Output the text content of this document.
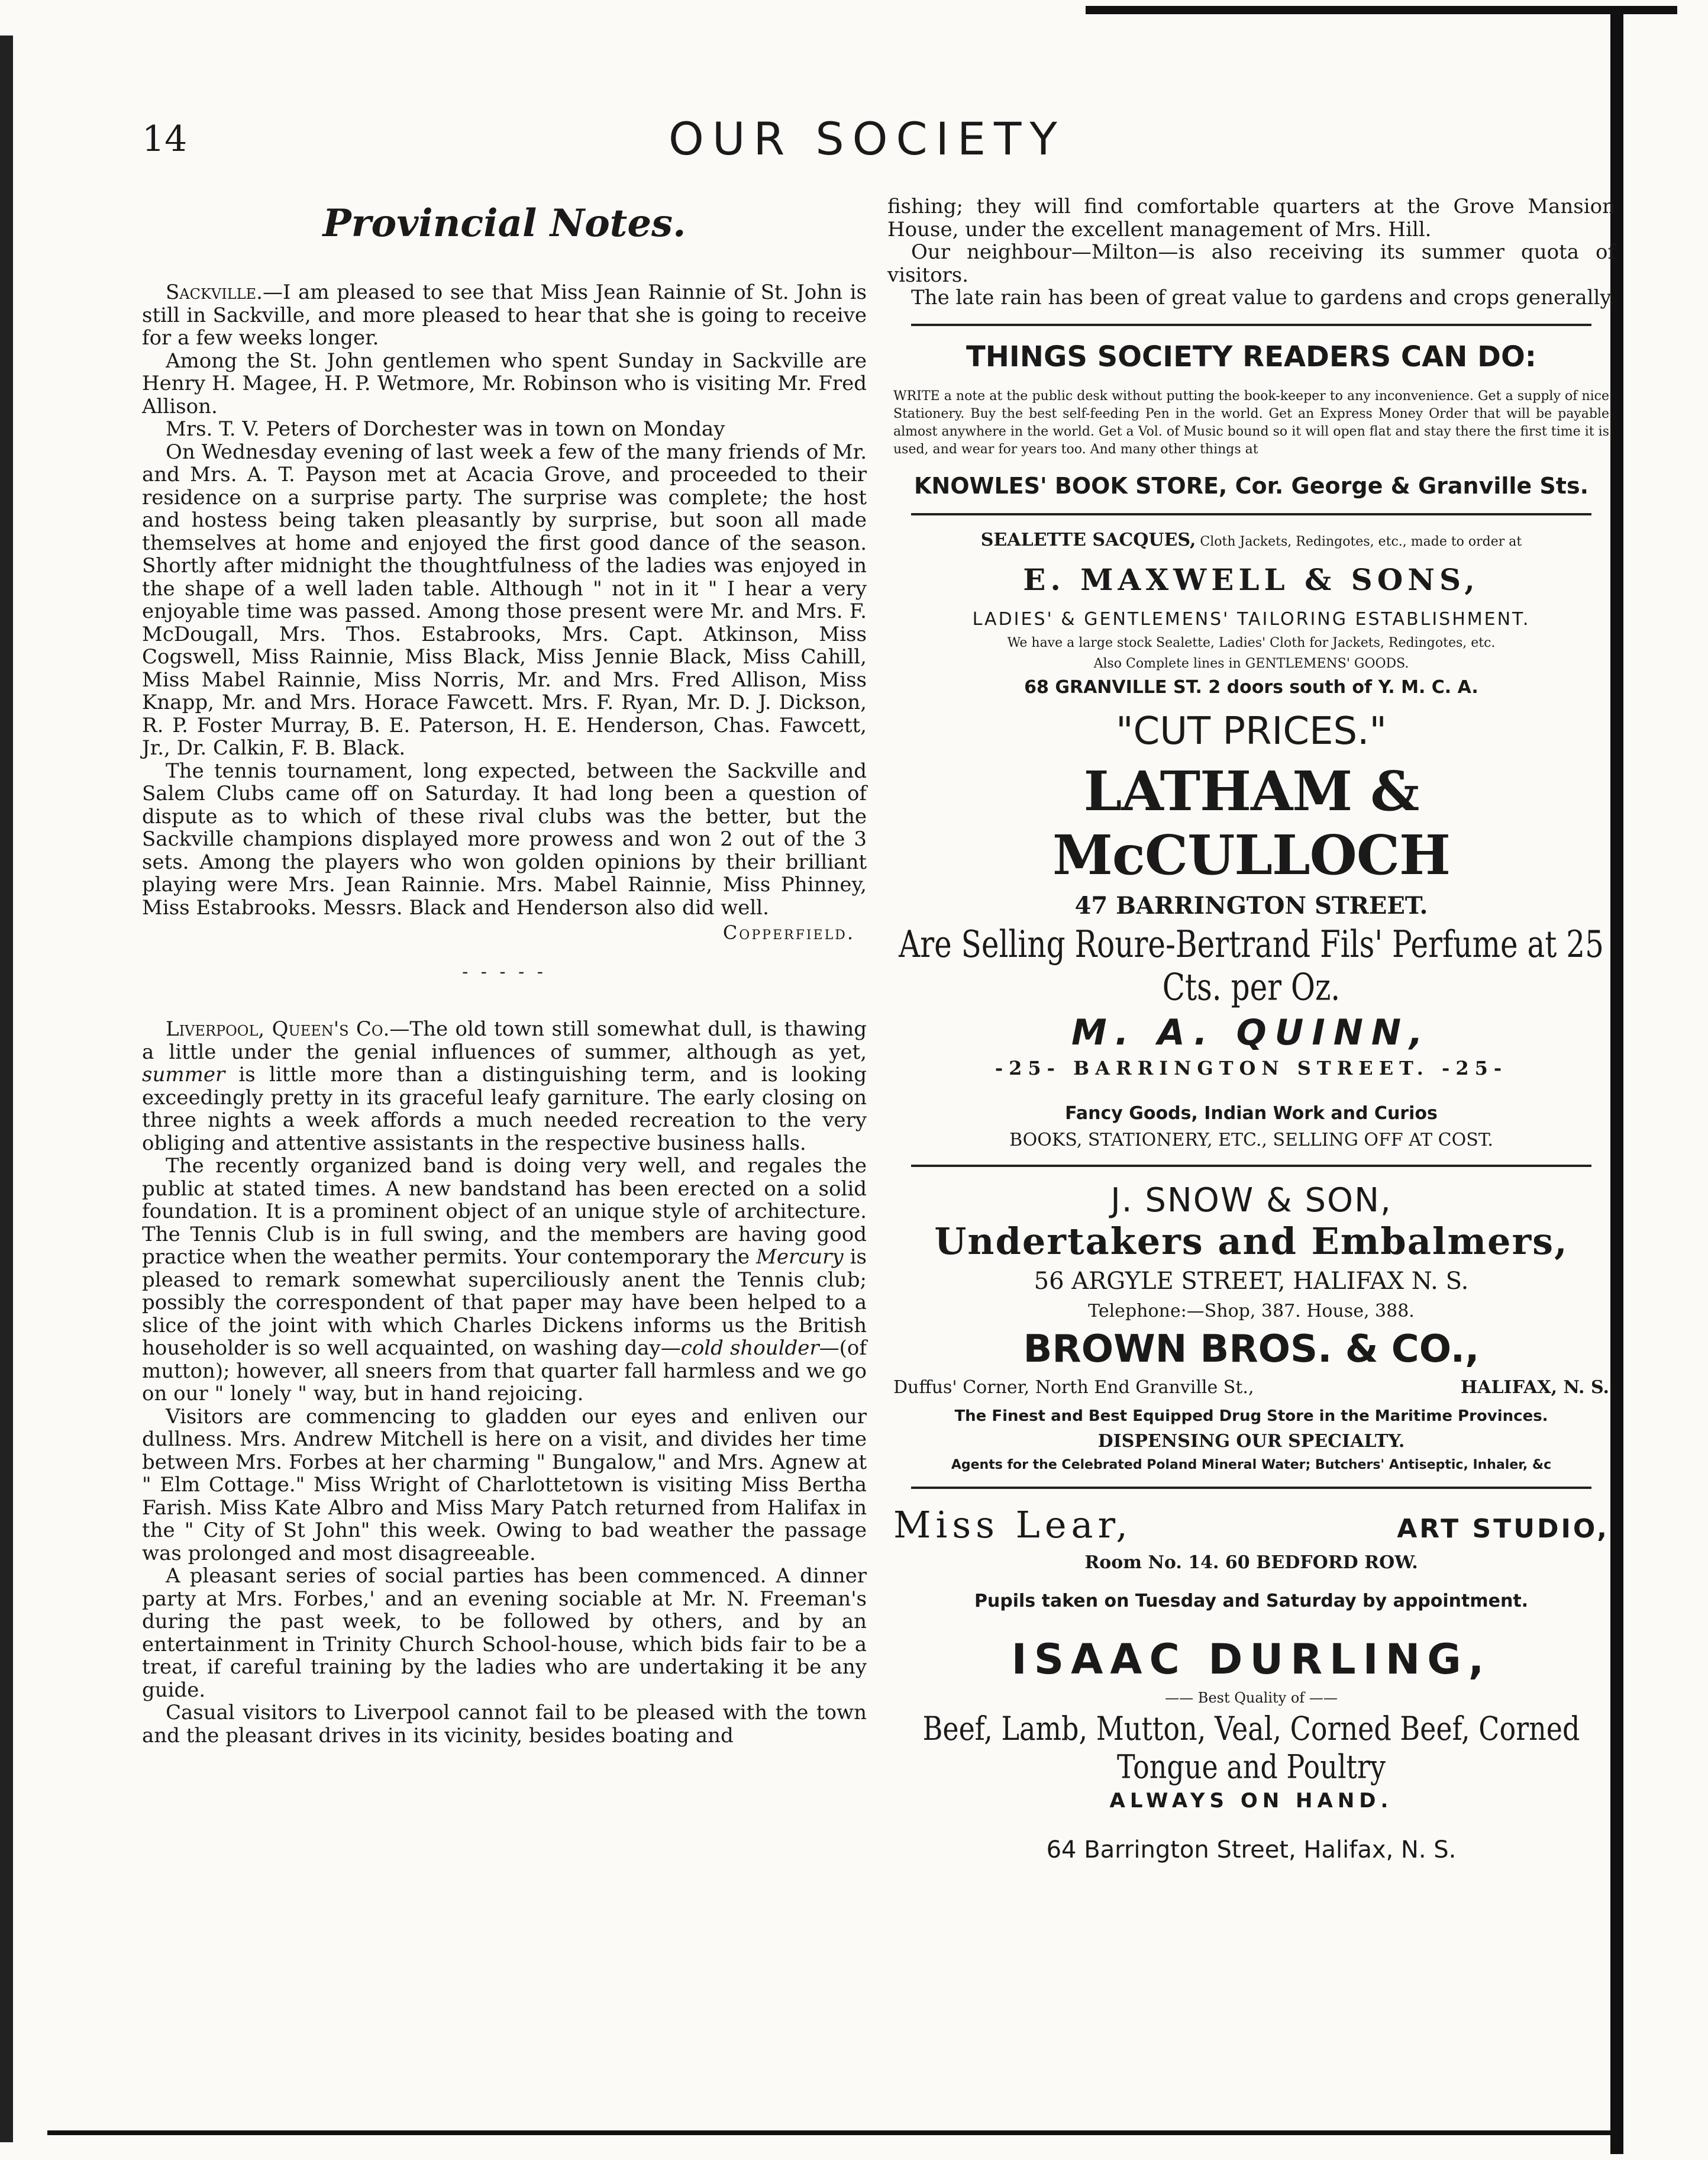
14	OUR SOCIETY
Provincial Notes.

Sackville.—I am pleased to see that Miss Jean Rainnie of St. John is still in Sackville, and more pleased to hear that she is going to receive for a few weeks longer.

Among the St. John gentlemen who spent Sunday in Sackville are Henry H. Magee, H. P. Wetmore, Mr. Robinson who is visiting Mr. Fred Allison.

Mrs. T. V. Peters of Dorchester was in town on Monday

On Wednesday evening of last week a few of the many friends of Mr. and Mrs. A. T. Payson met at Acacia Grove, and proceeded to their residence on a surprise party. The surprise was complete; the host and hostess being taken pleasantly by surprise, but soon all made themselves at home and enjoyed the first good dance of the season. Shortly after midnight the thoughtfulness of the ladies was enjoyed in the shape of a well laden table. Although " not in it " I hear a very enjoyable time was passed. Among those present were Mr. and Mrs. F. McDougall, Mrs. Thos. Estabrooks, Mrs. Capt. Atkinson, Miss Cogswell, Miss Rainnie, Miss Black, Miss Jennie Black, Miss Cahill, Miss Mabel Rainnie, Miss Norris, Mr. and Mrs. Fred Allison, Miss Knapp, Mr. and Mrs. Horace Fawcett. Mrs. F. Ryan, Mr. D. J. Dickson, R. P. Foster Murray, B. E. Paterson, H. E. Henderson, Chas. Fawcett, Jr., Dr. Calkin, F. B. Black.

The tennis tournament, long expected, between the Sackville and Salem Clubs came off on Saturday. It had long been a question of dispute as to which of these rival clubs was the better, but the Sackville champions displayed more prowess and won 2 out of the 3 sets. Among the players who won golden opinions by their brilliant playing were Mrs. Jean Rainnie. Mrs. Mabel Rainnie, Miss Phinney, Miss Estabrooks. Messrs. Black and Henderson also did well.

Copperfield.
- - - - -

Liverpool, Queen's Co.—The old town still somewhat dull, is thawing a little under the genial influences of summer, although as yet, summer is little more than a distinguishing term, and is looking exceedingly pretty in its graceful leafy garniture. The early closing on three nights a week affords a much needed recreation to the very obliging and attentive assistants in the respective business halls.

The recently organized band is doing very well, and regales the public at stated times. A new bandstand has been erected on a solid foundation. It is a prominent object of an unique style of architecture. The Tennis Club is in full swing, and the members are having good practice when the weather permits. Your contemporary the Mercury is pleased to remark somewhat superciliously anent the Tennis club; possibly the correspondent of that paper may have been helped to a slice of the joint with which Charles Dickens informs us the British householder is so well acquainted, on washing day—cold shoulder—(of mutton); however, all sneers from that quarter fall harmless and we go on our " lonely " way, but in hand rejoicing.

Visitors are commencing to gladden our eyes and enliven our dullness. Mrs. Andrew Mitchell is here on a visit, and divides her time between Mrs. Forbes at her charming " Bungalow," and Mrs. Agnew at " Elm Cottage." Miss Wright of Charlottetown is visiting Miss Bertha Farish. Miss Kate Albro and Miss Mary Patch returned from Halifax in the " City of St John" this week. Owing to bad weather the passage was prolonged and most disagreeable.

A pleasant series of social parties has been commenced. A dinner party at Mrs. Forbes,' and an evening sociable at Mr. N. Freeman's during the past week, to be followed by others, and by an entertainment in Trinity Church School-house, which bids fair to be a treat, if careful training by the ladies who are undertaking it be any guide.

Casual visitors to Liverpool cannot fail to be pleased with the town and the pleasant drives in its vicinity, besides boating and

fishing; they will find comfortable quarters at the Grove Mansion House, under the excellent management of Mrs. Hill.

Our neighbour—Milton—is also receiving its summer quota of visitors.

The late rain has been of great value to gardens and crops generally.

THINGS SOCIETY READERS CAN DO:
WRITE a note at the public desk without putting the book-keeper to any inconvenience. Get a supply of nice Stationery. Buy the best self-feeding Pen in the world. Get an Express Money Order that will be payable almost anywhere in the world. Get a Vol. of Music bound so it will open flat and stay there the first time it is used, and wear for years too. And many other things at
KNOWLES' BOOK STORE, Cor. George & Granville Sts.
SEALETTE SACQUES, Cloth Jackets, Redingotes, etc., made to order at
E. MAXWELL & SONS,
LADIES' & GENTLEMENS' TAILORING ESTABLISHMENT.
We have a large stock Sealette, Ladies' Cloth for Jackets, Redingotes, etc.
Also Complete lines in GENTLEMENS' GOODS.
68 GRANVILLE ST. 2 doors south of Y. M. C. A.
"CUT PRICES."
LATHAM & McCULLOCH
47 BARRINGTON STREET.
Are Selling Roure-Bertrand Fils' Perfume at 25 Cts. per Oz.
M. A. QUINN,
-25- BARRINGTON STREET. -25-
Fancy Goods, Indian Work and Curios
BOOKS, STATIONERY, ETC., SELLING OFF AT COST.
J. SNOW & SON,
Undertakers and Embalmers,
56 ARGYLE STREET, HALIFAX N. S.
Telephone:—Shop, 387. House, 388.
BROWN BROS. & CO.,
Duffus' Corner, North End Granville St.,	HALIFAX, N. S.
The Finest and Best Equipped Drug Store in the Maritime Provinces.
DISPENSING OUR SPECIALTY.
Agents for the Celebrated Poland Mineral Water; Butchers' Antiseptic, Inhaler, &c
Miss Lear,	ART STUDIO,
Room No. 14. 60 BEDFORD ROW.
Pupils taken on Tuesday and Saturday by appointment.
ISAAC DURLING,
—— Best Quality of ——
Beef, Lamb, Mutton, Veal, Corned Beef, Corned Tongue and Poultry
ALWAYS ON HAND.
64 Barrington Street, Halifax, N. S.
